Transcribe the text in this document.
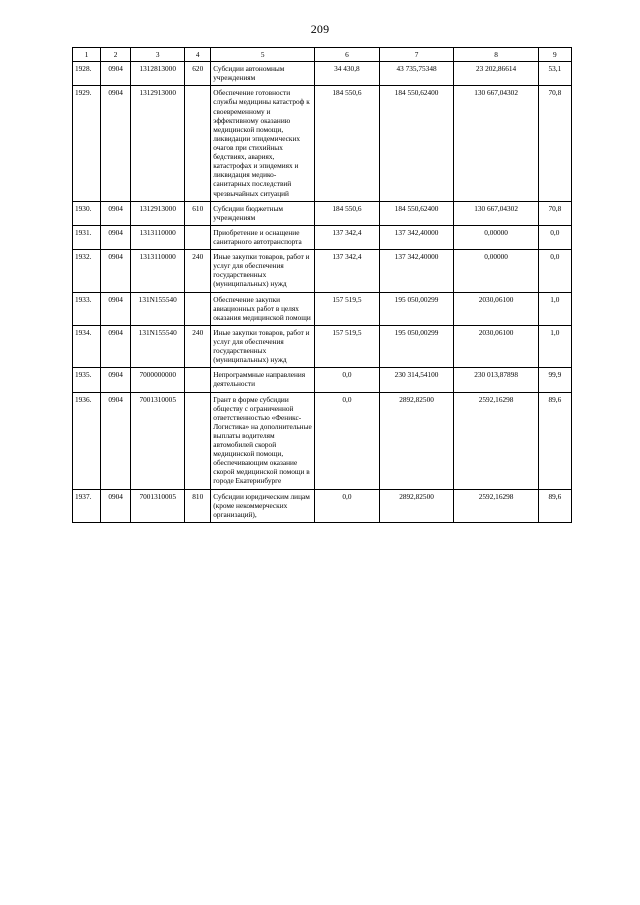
209
1	2	3	4	5	6	7	8	9
1928.	0904	1312813000	620	Субсидии автономным учреждениям	34 430,8	43 735,75348	23 202,86614	53,1
1929.	0904	1312913000		Обеспечение готовности службы медицины катастроф к своевременному и эффективному оказанию медицинской помощи, ликвидации эпидемических очагов при стихийных бедствиях, авариях, катастрофах и эпидемиях и ликвидация медико-санитарных последствий чрезвычайных ситуаций	184 550,6	184 550,62400	130 667,04302	70,8
1930.	0904	1312913000	610	Субсидии бюджетным учреждениям	184 550,6	184 550,62400	130 667,04302	70,8
1931.	0904	1313110000		Приобретение и оснащение санитарного автотранспорта	137 342,4	137 342,40000	0,00000	0,0
1932.	0904	1313110000	240	Иные закупки товаров, работ и услуг для обеспечения государственных (муниципальных) нужд	137 342,4	137 342,40000	0,00000	0,0
1933.	0904	131N155540		Обеспечение закупки авиационных работ в целях оказания медицинской помощи	157 519,5	195 050,00299	2030,06100	1,0
1934.	0904	131N155540	240	Иные закупки товаров, работ и услуг для обеспечения государственных (муниципальных) нужд	157 519,5	195 050,00299	2030,06100	1,0
1935.	0904	7000000000		Непрограммные направления деятельности	0,0	230 314,54100	230 013,87898	99,9
1936.	0904	7001310005		Грант в форме субсидии обществу с ограниченной ответственностью «Феникс-Логистика» на дополнительные выплаты водителям автомобилей скорой медицинской помощи, обеспечивающим оказание скорой медицинской помощи в городе Екатеринбурге	0,0	2892,82500	2592,16298	89,6
1937.	0904	7001310005	810	Субсидии юридическим лицам (кроме некоммерческих организаций),	0,0	2892,82500	2592,16298	89,6
